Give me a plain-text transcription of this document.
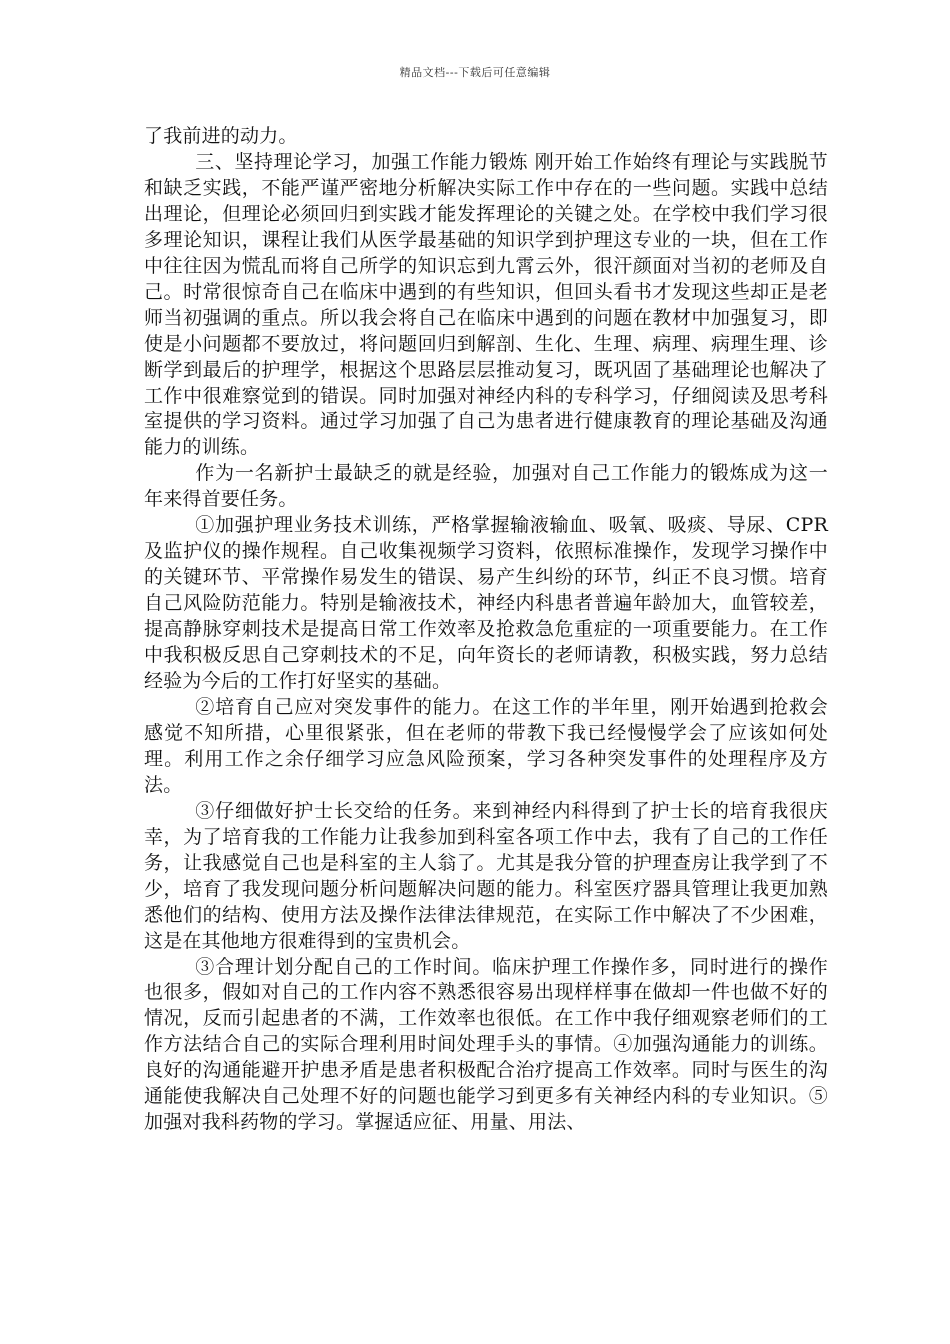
精品文档---下载后可任意编辑

了我前进的动力。

三、坚持理论学习，加强工作能力锻炼 刚开始工作始终有理论与实践脱节和缺乏实践，不能严谨严密地分析解决实际工作中存在的一些问题。实践中总结出理论，但理论必须回归到实践才能发挥理论的关键之处。在学校中我们学习很多理论知识，课程让我们从医学最基础的知识学到护理这专业的一块，但在工作中往往因为慌乱而将自己所学的知识忘到九霄云外，很汗颜面对当初的老师及自己。时常很惊奇自己在临床中遇到的有些知识，但回头看书才发现这些却正是老师当初强调的重点。所以我会将自己在临床中遇到的问题在教材中加强复习，即使是小问题都不要放过，将问题回归到解剖、生化、生理、病理、病理生理、诊断学到最后的护理学，根据这个思路层层推动复习，既巩固了基础理论也解决了工作中很难察觉到的错误。同时加强对神经内科的专科学习，仔细阅读及思考科室提供的学习资料。通过学习加强了自己为患者进行健康教育的理论基础及沟通能力的训练。

作为一名新护士最缺乏的就是经验，加强对自己工作能力的锻炼成为这一年来得首要任务。

①加强护理业务技术训练，严格掌握输液输血、吸氧、吸痰、导尿、CPR及监护仪的操作规程。自己收集视频学习资料，依照标准操作，发现学习操作中的关键环节、平常操作易发生的错误、易产生纠纷的环节，纠正不良习惯。培育自己风险防范能力。特别是输液技术，神经内科患者普遍年龄加大，血管较差，提高静脉穿刺技术是提高日常工作效率及抢救急危重症的一项重要能力。在工作中我积极反思自己穿刺技术的不足，向年资长的老师请教，积极实践，努力总结经验为今后的工作打好坚实的基础。

②培育自己应对突发事件的能力。在这工作的半年里，刚开始遇到抢救会感觉不知所措，心里很紧张，但在老师的带教下我已经慢慢学会了应该如何处理。利用工作之余仔细学习应急风险预案，学习各种突发事件的处理程序及方法。

③仔细做好护士长交给的任务。来到神经内科得到了护士长的培育我很庆幸，为了培育我的工作能力让我参加到科室各项工作中去，我有了自己的工作任务，让我感觉自己也是科室的主人翁了。尤其是我分管的护理查房让我学到了不少，培育了我发现问题分析问题解决问题的能力。科室医疗器具管理让我更加熟悉他们的结构、使用方法及操作法律法律规范，在实际工作中解决了不少困难，这是在其他地方很难得到的宝贵机会。

③合理计划分配自己的工作时间。临床护理工作操作多，同时进行的操作也很多，假如对自己的工作内容不熟悉很容易出现样样事在做却一件也做不好的情况，反而引起患者的不满，工作效率也很低。在工作中我仔细观察老师们的工作方法结合自己的实际合理利用时间处理手头的事情。④加强沟通能力的训练。良好的沟通能避开护患矛盾是患者积极配合治疗提高工作效率。同时与医生的沟通能使我解决自己处理不好的问题也能学习到更多有关神经内科的专业知识。⑤加强对我科药物的学习。掌握适应征、用量、用法、
